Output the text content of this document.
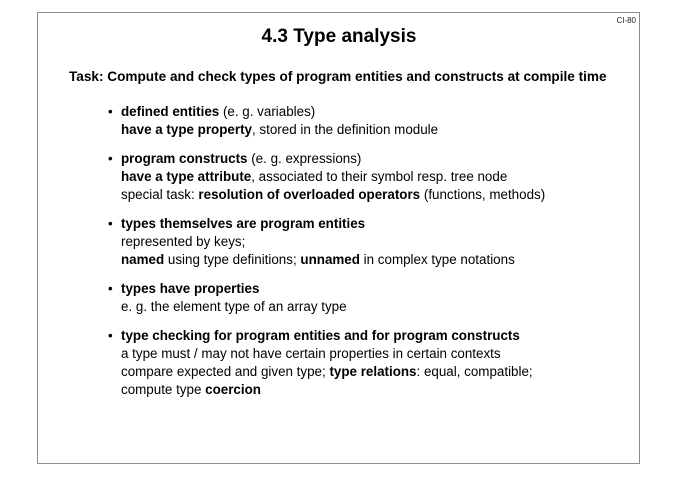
CI-80
4.3 Type analysis
Task: Compute and check types of program entities and constructs at compile time
• defined entities (e. g. variables)
have a type property, stored in the definition module
• program constructs (e. g. expressions)
have a type attribute, associated to their symbol resp. tree node
special task: resolution of overloaded operators (functions, methods)
• types themselves are program entities
represented by keys;
named using type definitions; unnamed in complex type notations
• types have properties
e. g. the element type of an array type
• type checking for program entities and for program constructs
a type must / may not have certain properties in certain contexts
compare expected and given type; type relations: equal, compatible;
compute type coercion
